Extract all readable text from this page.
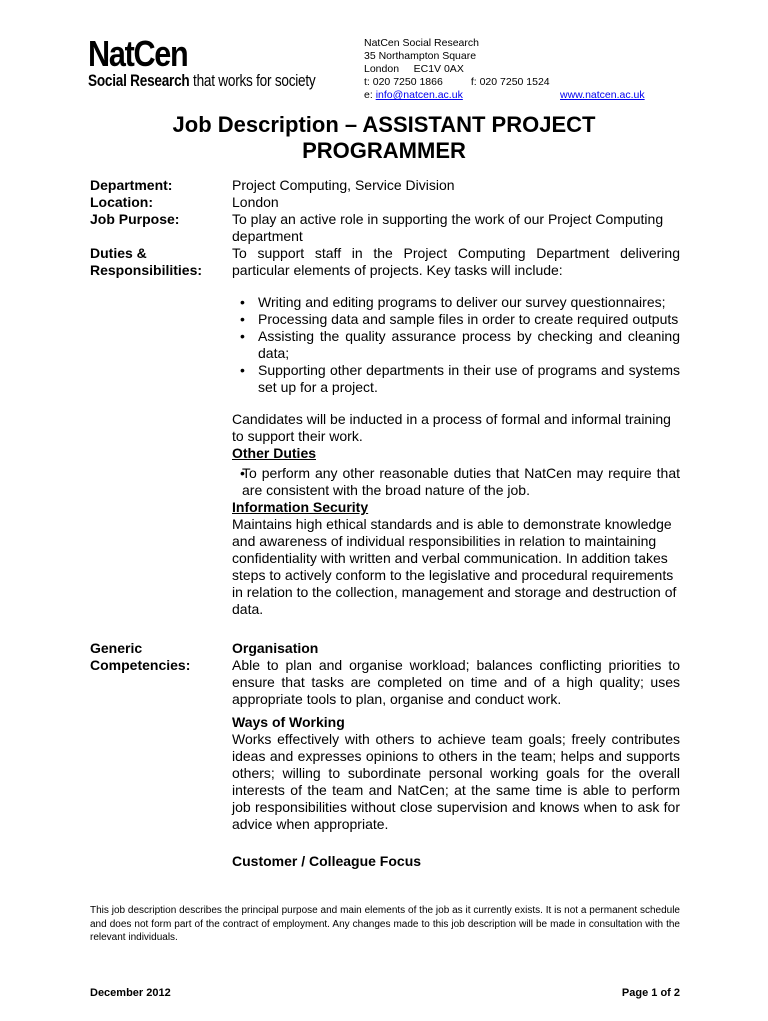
NatCen
Social Research that works for society
NatCen Social Research
35 Northampton Square
London     EC1V 0AX
t: 020 7250 1866	f: 020 7250 1524
e: info@natcen.ac.uk	www.natcen.ac.uk
Job Description – ASSISTANT PROJECT
PROGRAMMER
Department:	Project Computing, Service Division
Location:	London
Job Purpose:	To play an active role in supporting the work of our Project Computing department
Duties &
Responsibilities:
To support staff in the Project Computing Department delivering particular elements of projects. Key tasks will include:
• Writing and editing programs to deliver our survey questionnaires;
• Processing data and sample files in order to create required outputs
• Assisting the quality assurance process by checking and cleaning data;
• Supporting other departments in their use of programs and systems set up for a project.
Candidates will be inducted in a process of formal and informal training to support their work.
Other Duties
• To perform any other reasonable duties that NatCen may require that are consistent with the broad nature of the job.
Information Security
Maintains high ethical standards and is able to demonstrate knowledge and awareness of individual responsibilities in relation to maintaining confidentiality with written and verbal communication. In addition takes steps to actively conform to the legislative and procedural requirements in relation to the collection, management and storage and destruction of data.
Generic
Competencies:
Organisation
Able to plan and organise workload; balances conflicting priorities to ensure that tasks are completed on time and of a high quality; uses appropriate tools to plan, organise and conduct work.
Ways of Working
Works effectively with others to achieve team goals; freely contributes ideas and expresses opinions to others in the team; helps and supports others; willing to subordinate personal working goals for the overall interests of the team and NatCen; at the same time is able to perform job responsibilities without close supervision and knows when to ask for advice when appropriate.
Customer / Colleague Focus
This job description describes the principal purpose and main elements of the job as it currently exists. It is not a permanent schedule and does not form part of the contract of employment. Any changes made to this job description will be made in consultation with the relevant individuals.
December 2012	Page 1 of 2
